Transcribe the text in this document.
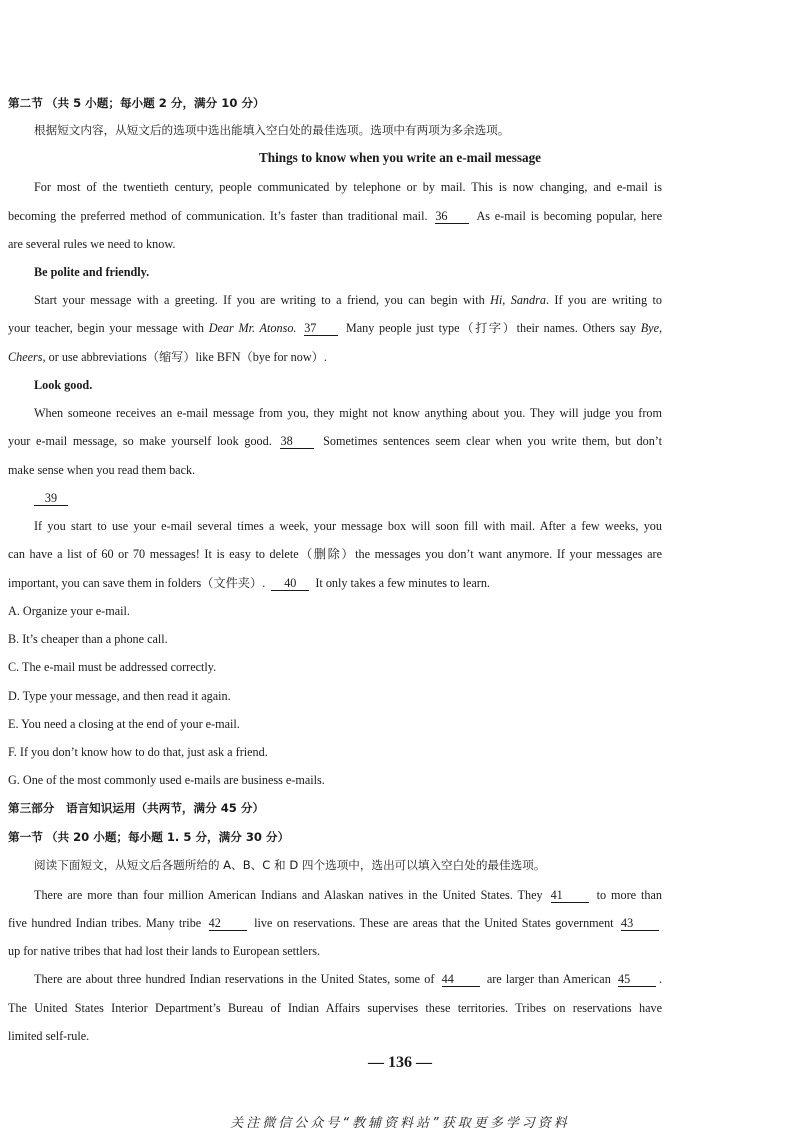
第二节 （共 5 小题；每小题 2 分，满分 10 分）
根据短文内容，从短文后的选项中选出能填入空白处的最佳选项。选项中有两项为多余选项。
Things to know when you write an e-mail message
For most of the twentieth century, people communicated by telephone or by mail. This is now changing, and e-mail is
becoming the preferred method of communication. It’s faster than traditional mail. 36 As e-mail is becoming popular, here
are several rules we need to know.
Be polite and friendly.
Start your message with a greeting. If you are writing to a friend, you can begin with Hi, Sandra. If you are writing to
your teacher, begin your message with Dear Mr. Atonso. 37 Many people just type（打字）their names. Others say Bye,
Cheers, or use abbreviations（缩写）like BFN（bye for now）.
Look good.
When someone receives an e-mail message from you, they might not know anything about you. They will judge you from
your e-mail message, so make yourself look good. 38	Sometimes sentences seem clear when you write them, but don’t
make sense when you read them back.
39
If you start to use your e-mail several times a week, your message box will soon fill with mail. After a few weeks, you
can have a list of 60 or 70 messages! It is easy to delete（删除）the messages you don’t want anymore. If your messages are
important, you can save them in folders（文件夹）. 40 It only takes a few minutes to learn.
A. Organize your e-mail.
B. It’s cheaper than a phone call.
C. The e-mail must be addressed correctly.
D. Type your message, and then read it again.
E. You need a closing at the end of your e-mail.
F. If you don’t know how to do that, just ask a friend.
G. One of the most commonly used e-mails are business e-mails.
第三部分　语言知识运用（共两节，满分 45 分）
第一节 （共 20 小题；每小题 1. 5 分，满分 30 分）
阅读下面短文，从短文后各题所给的 A、B、C 和 D 四个选项中，选出可以填入空白处的最佳选项。
There are more than four million American Indians and Alaskan natives in the United States. They 41	to more than
five hundred Indian tribes. Many tribe 42	live on reservations. These are areas that the United States government 43
up for native tribes that had lost their lands to European settlers.
There are about three hundred Indian reservations in the United States, some of 44	are larger than American 45 .
The United States Interior Department’s Bureau of Indian Affairs supervises these territories. Tribes on reservations have
limited self-rule.
— 136 —
关注微信公众号“教辅资料站”获取更多学习资料
